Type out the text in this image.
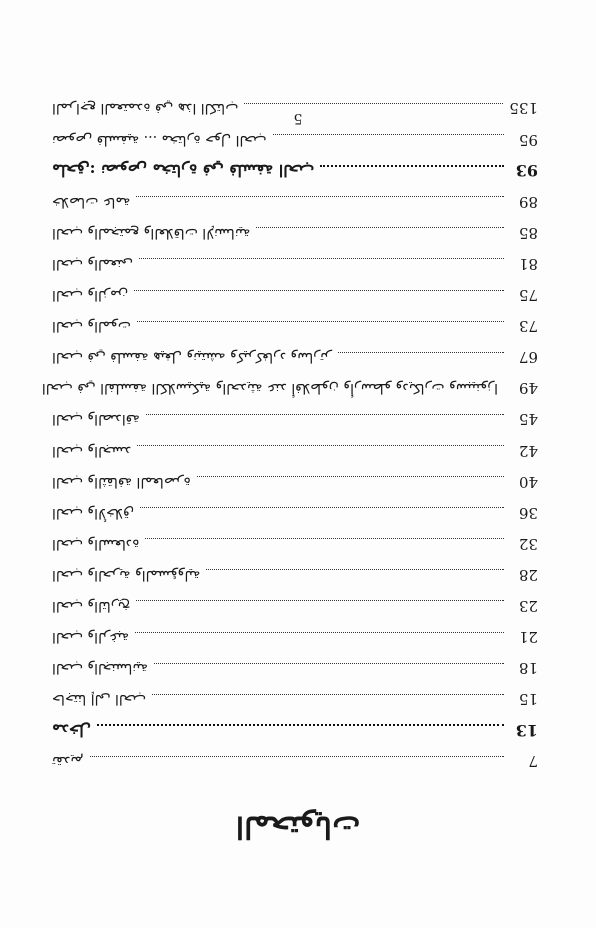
المحتويات
7
تقديم
13
مدخل
15
حاجتنا إلى الحب
18
الحب والجنسانية
21
الحب والرغبة
23
الحب والتاريخ
28
الحب والحرية والمسؤولية
32
الحب والسعادة
36
الحب والأخلاق
40
الحب والثقافة المعاصرة
42
الحب والجسد
45
الحب والصداقة
49
الحب في الفلسفة الكلاسيكية والحديثة عند أفلاطون وأرسطو وديكارت وسبينوزا
67
الحب في فلسفة هيغل ونيتشه وكيركغارد وسارتر
73
الحب والموت
75
الحب والزمن
81
الحب والمعنى
85
الحب والمجتمع والعلاقات الإنسانية
89
خلاصات عامة
93
ملحق: نصوص مختارة في فلسفة الحب
95
نصوص فلسفية ... مختارة حول الحب
135
المراجع المعتمدة في هذا الكتاب
5
